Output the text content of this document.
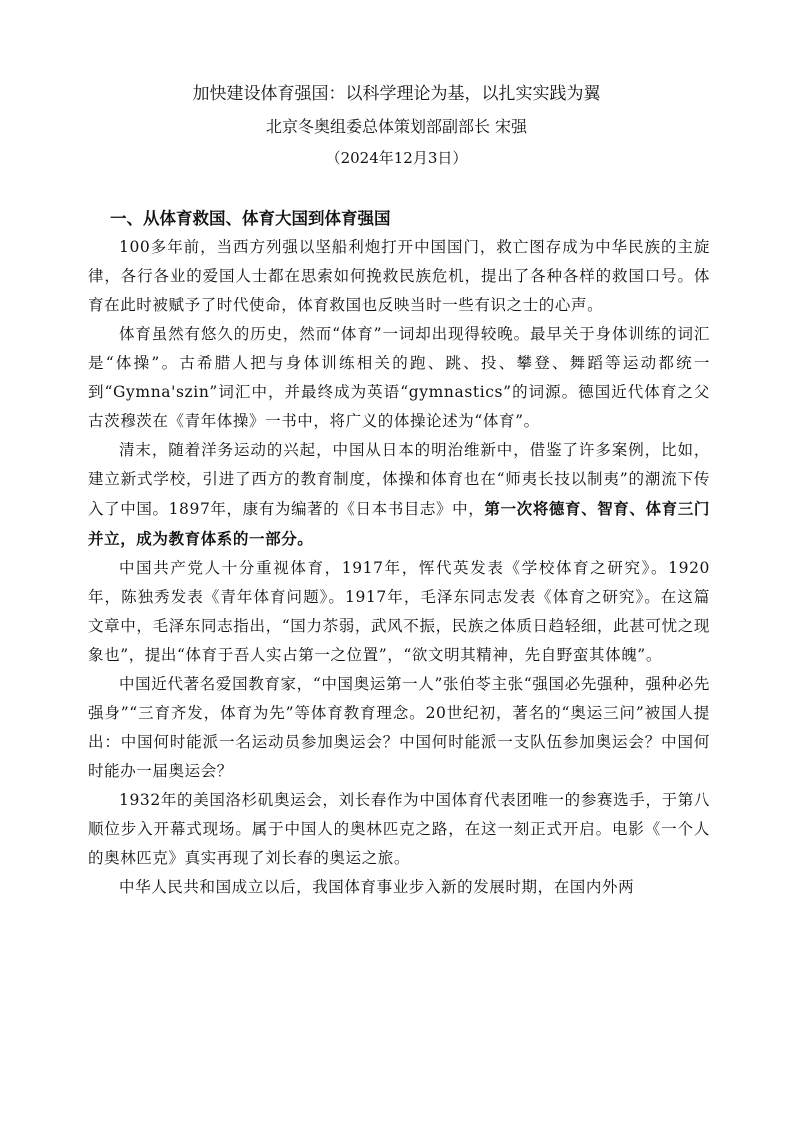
加快建设体育强国：以科学理论为基，以扎实实践为翼
北京冬奥组委总体策划部副部长 宋强
（2024年12月3日）
一、从体育救国、体育大国到体育强国

100多年前，当西方列强以坚船利炮打开中国国门，救亡图存成为中华民族的主旋律，各行各业的爱国人士都在思索如何挽救民族危机，提出了各种各样的救国口号。体育在此时被赋予了时代使命，体育救国也反映当时一些有识之士的心声。

体育虽然有悠久的历史，然而“体育”一词却出现得较晚。最早关于身体训练的词汇是“体操”。古希腊人把与身体训练相关的跑、跳、投、攀登、舞蹈等运动都统一到“Gymna'szin”词汇中，并最终成为英语“gymnastics”的词源。德国近代体育之父古茨穆茨在《青年体操》一书中，将广义的体操论述为“体育”。

清末，随着洋务运动的兴起，中国从日本的明治维新中，借鉴了许多案例，比如，建立新式学校，引进了西方的教育制度，体操和体育也在“师夷长技以制夷”的潮流下传入了中国。1897年，康有为编著的《日本书目志》中，第一次将德育、智育、体育三门并立，成为教育体系的一部分。

中国共产党人十分重视体育，1917年，恽代英发表《学校体育之研究》。1920年，陈独秀发表《青年体育问题》。1917年，毛泽东同志发表《体育之研究》。在这篇文章中，毛泽东同志指出，“国力苶弱，武风不振，民族之体质日趋轻细，此甚可忧之现象也”，提出“体育于吾人实占第一之位置”，“欲文明其精神，先自野蛮其体魄”。

中国近代著名爱国教育家，“中国奥运第一人”张伯苓主张“强国必先强种，强种必先强身”“三育齐发，体育为先”等体育教育理念。20世纪初，著名的“奥运三问”被国人提出：中国何时能派一名运动员参加奥运会？中国何时能派一支队伍参加奥运会？中国何时能办一届奥运会？

1932年的美国洛杉矶奥运会，刘长春作为中国体育代表团唯一的参赛选手，于第八顺位步入开幕式现场。属于中国人的奥林匹克之路，在这一刻正式开启。电影《一个人的奥林匹克》真实再现了刘长春的奥运之旅。

中华人民共和国成立以后，我国体育事业步入新的发展时期，在国内外两
